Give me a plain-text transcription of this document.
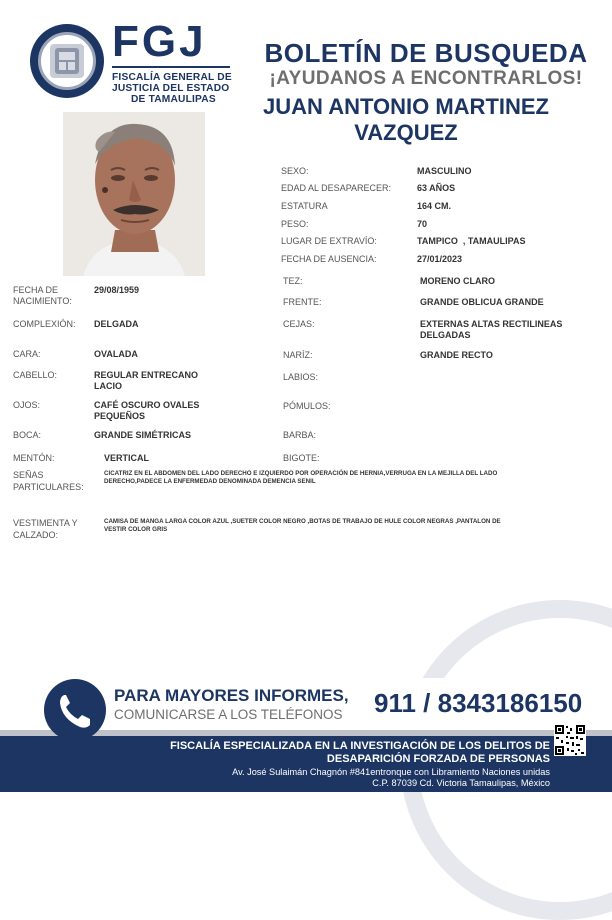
FGJ
FISCALÍA GENERAL DE
JUSTICIA DEL ESTADO
DE TAMAULIPAS
BOLETÍN DE BUSQUEDA
¡AYUDANOS A ENCONTRARLOS!
JUAN ANTONIO MARTINEZ
VAZQUEZ
SEXO:	MASCULINO
EDAD AL DESAPARECER:	63 AÑOS
ESTATURA	164 CM.
PESO:	70
LUGAR DE EXTRAVÍO:	TAMPICO  , TAMAULIPAS
FECHA DE AUSENCIA:	27/01/2023
FECHA DE NACIMIENTO:
29/08/1959
COMPLEXIÓN: DELGADA
CARA:	OVALADA
CABELLO:	REGULAR ENTRECANO LACIO
OJOS:	CAFÉ OSCURO OVALES PEQUEÑOS
BOCA:	GRANDE SIMÉTRICAS
MENTÓN:	VERTICAL
TEZ:	MORENO CLARO
FRENTE:	GRANDE OBLICUA GRANDE
CEJAS:	EXTERNAS ALTAS RECTILINEAS DELGADAS
NARÍZ:	GRANDE RECTO
LABIOS:
PÓMULOS:
BARBA:
BIGOTE:
SEÑAS
PARTICULARES:
CICATRIZ EN EL ABDOMEN DEL LADO DERECHO E IZQUIERDO POR OPERACIÓN DE HERNIA,VERRUGA EN LA MEJILLA DEL LADO
DERECHO,PADECE LA ENFERMEDAD DENOMINADA DEMENCIA SENIL
VESTIMENTA Y
CALZADO:
CAMISA DE MANGA LARGA COLOR AZUL ,SUETER COLOR NEGRO ,BOTAS DE TRABAJO DE HULE COLOR NEGRAS ,PANTALON DE
VESTIR COLOR GRIS
PARA MAYORES INFORMES,
COMUNICARSE A LOS TELÉFONOS 911 / 8343186150
FISCALÍA ESPECIALIZADA EN LA INVESTIGACIÓN DE LOS DELITOS DE
DESAPARICIÓN FORZADA DE PERSONAS
Av. José Sulaimán Chagnón #841entronque con Libramiento Naciones unidas
C.P. 87039 Cd. Victoria Tamaulipas, México
